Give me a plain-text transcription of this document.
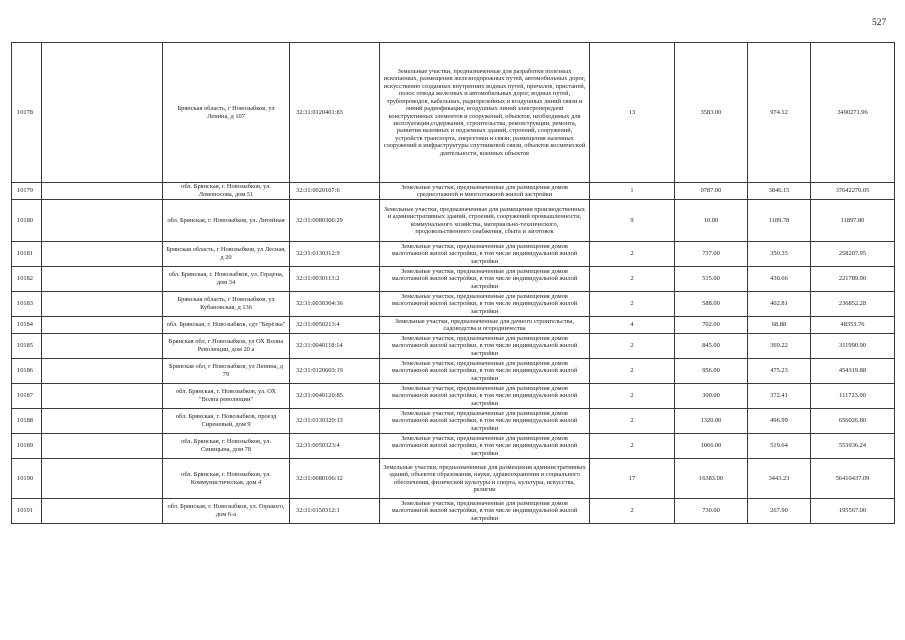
527
10178		Брянская область, г Новозыбков, ул Ленина, д 107	32:31:0120401:83	Земельные участки, предназначенные для разработки полезных ископаемых, размещения железнодорожных путей, автомобильных дорог, искусственно созданных внутренних водных путей, причалов, пристаней, полос отвода железных и автомобильных дорог, водных путей, трубопроводов, кабельных, радиорелейных и воздушных линий связи и линий радиофикации, воздушных линий электропередачи конструктивных элементов и сооружений, объектов, необходимых для эксплуатации,содержания, строительства, реконструкции, ремонта, развития наземных и подземных зданий, строений, сооружений, устройств транспорта, энергетики и связи; размещения наземных сооружений и инфраструктуры спутниковой связи, объектов космической деятельности, военных объектов	13	3583.00	974.12	3490271.96
10179		обл. Брянская, г. Новозыбков, ул. Ломоносова, дом 51	32:31:0020107:6	Земельные участки, предназначенные для размещения домов среднеэтажной и многоэтажной жилой застройки	1	9787.00	3846.15	37642270.05
10180		обл. Брянская, г. Новозыбков, ул. Литейная	32:31:0080306:29	Земельные участки, предназначенные для размещения производственных и административных зданий, строений, сооружений промышленности, коммунального хозяйства, материально-технического, продовольственного снабжения, сбыта и заготовок	9	10.00	1189.78	11897.80
10181		Брянская область, г Новозыбков, ул Лесная, д 20	32:31:0130312:9	Земельные участки, предназначенные для размещения домов малоэтажной жилой застройки, в том числе индивидуальной жилой застройки	2	737.00	350.35	258207.95
10182		обл. Брянская, г. Новозыбков, ул. Герцена, дом 34	32:31:0030113:2	Земельные участки, предназначенные для размещения домов малоэтажной жилой застройки, в том числе индивидуальной жилой застройки	2	515.00	430.66	221789.90
10183		Брянская область, г Новозыбков, ул Кубановская, д 136	32:31:0030304:36	Земельные участки, предназначенные для размещения домов малоэтажной жилой застройки, в том числе индивидуальной жилой застройки	2	588.00	402.81	236852.28
10184		обл. Брянская, г. Новозыбков, сдт "Берёзка"	32:31:0050213:4	Земельные участки, предназначенные для дачного строительства, садоводства и огородничества	4	702.00	68.88	48353.76
10185		Брянская обл, г Новозыбков, ул ОХ Волна Революции, дом 20 а	32:31:0040118:14	Земельные участки, предназначенные для размещения домов малоэтажной жилой застройки, в том числе индивидуальной жилой застройки	2	845.00	369.22	311990.90
10186		Брянская обл, г Новозыбков, ул Ленина, д 79	32:31:0120603:19	Земельные участки, предназначенные для размещения домов малоэтажной жилой застройки, в том числе индивидуальной жилой застройки	2	956.00	475.23	454319.88
10187		обл. Брянская, г. Новозыбков, ул. ОХ "Волна революции"	32:31:0040120:85	Земельные участки, предназначенные для размещения домов малоэтажной жилой застройки, в том числе индивидуальной жилой застройки	2	300.00	372.41	111723.00
10188		обл. Брянская, г. Новозыбков, проезд Сиреневый, дом 9	32:31:0130320:13	Земельные участки, предназначенные для размещения домов малоэтажной жилой застройки, в том числе индивидуальной жилой застройки	2	1320.00	496.99	656026.80
10189		обл. Брянская, г. Новозыбков, ул. Синицына, дом 78	32:31:0050323:4	Земельные участки, предназначенные для размещения домов малоэтажной жилой застройки, в том числе индивидуальной жилой застройки	2	1066.00	519.64	553936.24
10190		обл. Брянская, г. Новозыбков, ул. Коммунистическая, дом 4	32:31:0080106:12	Земельные участки, предназначенные для размещения административных зданий, объектов образования, науки, здравоохранения и социального обеспечения, физической культуры и спорта, культуры, искусства, религии	17	16383.00	3443.23	56410437.09
10191		обл. Брянская, г. Новозыбков, ул. Горького, дом 6-а	32:31:0150312:1	Земельные участки, предназначенные для размещения домов малоэтажной жилой застройки, в том числе индивидуальной жилой застройки	2	730.00	267.90	195567.00
